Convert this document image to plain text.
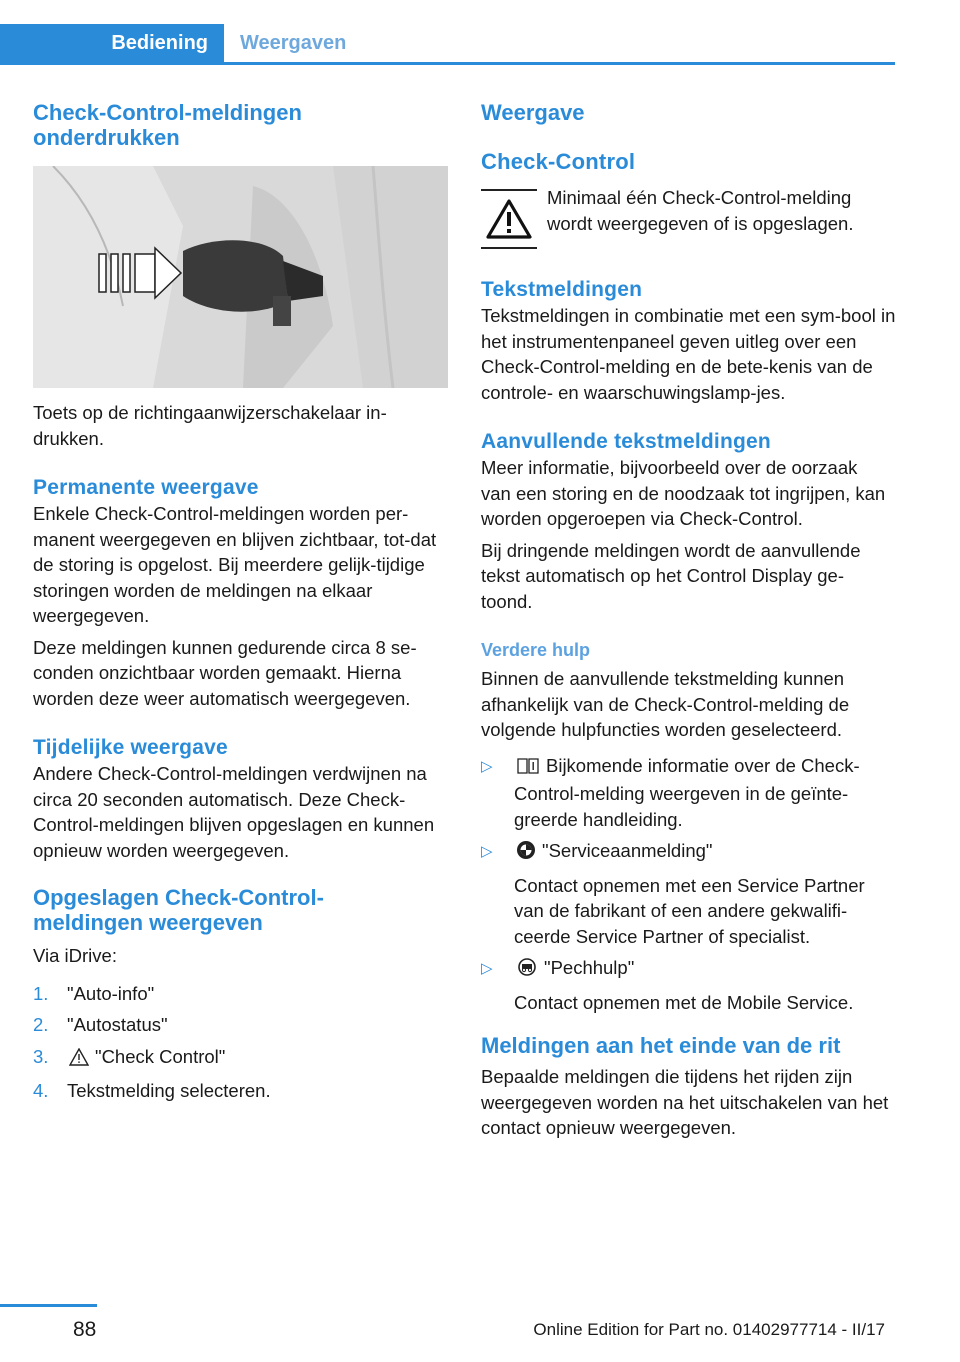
Bediening	Weergaven
Check-Control-meldingen onderdrukken

Toets op de richtingaanwijzerschakelaar in-drukken.

Permanente weergave

Enkele Check-Control-meldingen worden per-manent weergegeven en blijven zichtbaar, tot-dat de storing is opgelost. Bij meerdere gelijk-tijdige storingen worden de meldingen na elkaar weergegeven.

Deze meldingen kunnen gedurende circa 8 se-conden onzichtbaar worden gemaakt. Hierna worden deze weer automatisch weergegeven.

Tijdelijke weergave

Andere Check-Control-meldingen verdwijnen na circa 20 seconden automatisch. Deze Check-Control-meldingen blijven opgeslagen en kunnen opnieuw worden weergegeven.

Opgeslagen Check-Control-meldingen weergeven

Via iDrive:

1. "Auto-info"
2. "Autostatus"
3.	"Check Control"
4. Tekstmelding selecteren.
Weergave
Check-Control

Minimaal één Check-Control-melding wordt weergegeven of is opgeslagen.

Tekstmeldingen

Tekstmeldingen in combinatie met een sym-bool in het instrumentenpaneel geven uitleg over een Check-Control-melding en de bete-kenis van de controle- en waarschuwingslamp-jes.

Aanvullende tekstmeldingen

Meer informatie, bijvoorbeeld over de oorzaak van een storing en de noodzaak tot ingrijpen, kan worden opgeroepen via Check-Control.

Bij dringende meldingen wordt de aanvullende tekst automatisch op het Control Display ge-toond.

Verdere hulp

Binnen de aanvullende tekstmelding kunnen afhankelijk van de Check-Control-melding de volgende hulpfuncties worden geselecteerd.

▷	Bijkomende informatie over de Check-Control-melding weergeven in de geïnte-greerde handleiding.

▷	"Serviceaanmelding"

Contact opnemen met een Service Partner van de fabrikant of een andere gekwalifi-ceerde Service Partner of specialist.

▷	"Pechhulp"

Contact opnemen met de Mobile Service.

Meldingen aan het einde van de rit

Bepaalde meldingen die tijdens het rijden zijn weergegeven worden na het uitschakelen van het contact opnieuw weergegeven.

88	Online Edition for Part no. 01402977714 - II/17
